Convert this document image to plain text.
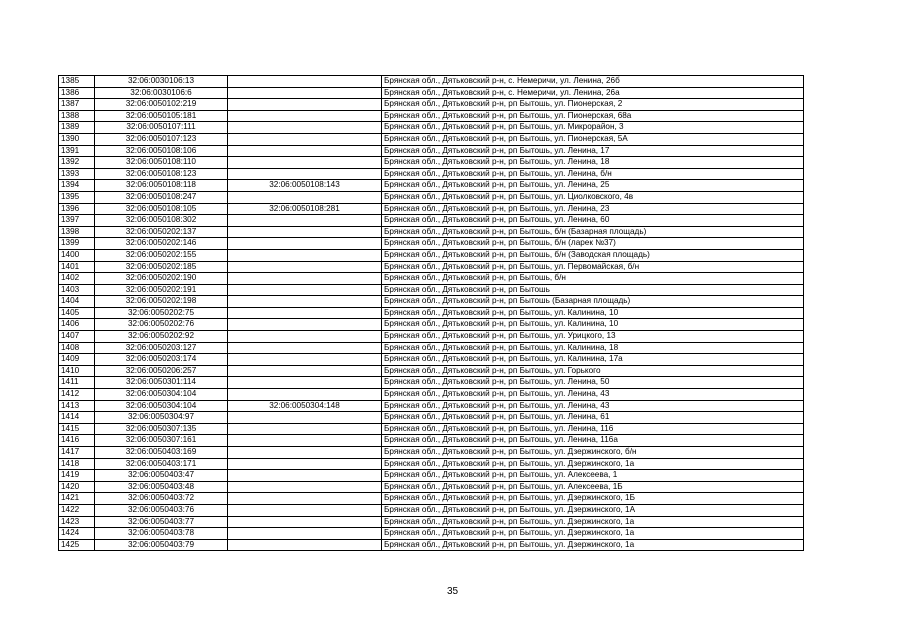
1385	32:06:0030106:13		Брянская обл., Дятьковский р-н, с. Немеричи, ул. Ленина, 26б
1386	32:06:0030106:6		Брянская обл., Дятьковский р-н, с. Немеричи, ул. Ленина, 26а
1387	32:06:0050102:219		Брянская обл., Дятьковский р-н, рп Бытошь, ул. Пионерская, 2
1388	32:06:0050105:181		Брянская обл., Дятьковский р-н, рп Бытошь, ул. Пионерская, 68а
1389	32:06:0050107:111		Брянская обл., Дятьковский р-н, рп Бытошь, ул. Микрорайон, 3
1390	32:06:0050107:123		Брянская обл., Дятьковский р-н, рп Бытошь, ул. Пионерская, 5А
1391	32:06:0050108:106		Брянская обл., Дятьковский р-н, рп Бытошь, ул. Ленина, 17
1392	32:06:0050108:110		Брянская обл., Дятьковский р-н, рп Бытошь, ул. Ленина, 18
1393	32:06:0050108:123		Брянская обл., Дятьковский р-н, рп Бытошь, ул. Ленина, б/н
1394	32:06:0050108:118	32:06:0050108:143	Брянская обл., Дятьковский р-н, рп Бытошь, ул. Ленина, 25
1395	32:06:0050108:247		Брянская обл., Дятьковский р-н, рп Бытошь, ул. Циолковского, 4в
1396	32:06:0050108:105	32:06:0050108:281	Брянская обл., Дятьковский р-н, рп Бытошь, ул. Ленина, 23
1397	32:06:0050108:302		Брянская обл., Дятьковский р-н, рп Бытошь, ул. Ленина, 60
1398	32:06:0050202:137		Брянская обл., Дятьковский р-н, рп Бытошь, б/н (Базарная площадь)
1399	32:06:0050202:146		Брянская обл., Дятьковский р-н, рп Бытошь, б/н (ларек №37)
1400	32:06:0050202:155		Брянская обл., Дятьковский р-н, рп Бытошь, б/н (Заводская площадь)
1401	32:06:0050202:185		Брянская обл., Дятьковский р-н, рп Бытошь, ул. Первомайская, б/н
1402	32:06:0050202:190		Брянская обл., Дятьковский р-н, рп Бытошь, б/н
1403	32:06:0050202:191		Брянская обл., Дятьковский р-н, рп Бытошь
1404	32:06:0050202:198		Брянская обл., Дятьковский р-н, рп Бытошь (Базарная площадь)
1405	32:06:0050202:75		Брянская обл., Дятьковский р-н, рп Бытошь, ул. Калинина, 10
1406	32:06:0050202:76		Брянская обл., Дятьковский р-н, рп Бытошь, ул. Калинина, 10
1407	32:06:0050202:92		Брянская обл., Дятьковский р-н, рп Бытошь, ул. Урицкого, 13
1408	32:06:0050203:127		Брянская обл., Дятьковский р-н, рп Бытошь, ул. Калинина, 18
1409	32:06:0050203:174		Брянская обл., Дятьковский р-н, рп Бытошь, ул. Калинина, 17а
1410	32:06:0050206:257		Брянская обл., Дятьковский р-н, рп Бытошь, ул. Горького
1411	32:06:0050301:114		Брянская обл., Дятьковский р-н, рп Бытошь, ул. Ленина, 50
1412	32:06:0050304:104		Брянская обл., Дятьковский р-н, рп Бытошь, ул. Ленина, 43
1413	32:06:0050304:104	32:06:0050304:148	Брянская обл., Дятьковский р-н, рп Бытошь, ул. Ленина, 43
1414	32:06:0050304:97		Брянская обл., Дятьковский р-н, рп Бытошь, ул. Ленина, 61
1415	32:06:0050307:135		Брянская обл., Дятьковский р-н, рп Бытошь, ул. Ленина, 116
1416	32:06:0050307:161		Брянская обл., Дятьковский р-н, рп Бытошь, ул. Ленина, 116а
1417	32:06:0050403:169		Брянская обл., Дятьковский р-н, рп Бытошь, ул. Дзержинского, б/н
1418	32:06:0050403:171		Брянская обл., Дятьковский р-н, рп Бытошь, ул. Дзержинского, 1а
1419	32:06:0050403:47		Брянская обл., Дятьковский р-н, рп Бытошь, ул. Алексеева, 1
1420	32:06:0050403:48		Брянская обл., Дятьковский р-н, рп Бытошь, ул. Алексеева, 1Б
1421	32:06:0050403:72		Брянская обл., Дятьковский р-н, рп Бытошь, ул. Дзержинского, 1Б
1422	32:06:0050403:76		Брянская обл., Дятьковский р-н, рп Бытошь, ул. Дзержинского, 1А
1423	32:06:0050403:77		Брянская обл., Дятьковский р-н, рп Бытошь, ул. Дзержинского, 1а
1424	32:06:0050403:78		Брянская обл., Дятьковский р-н, рп Бытошь, ул. Дзержинского, 1а
1425	32:06:0050403:79		Брянская обл., Дятьковский р-н, рп Бытошь, ул. Дзержинского, 1а
35
